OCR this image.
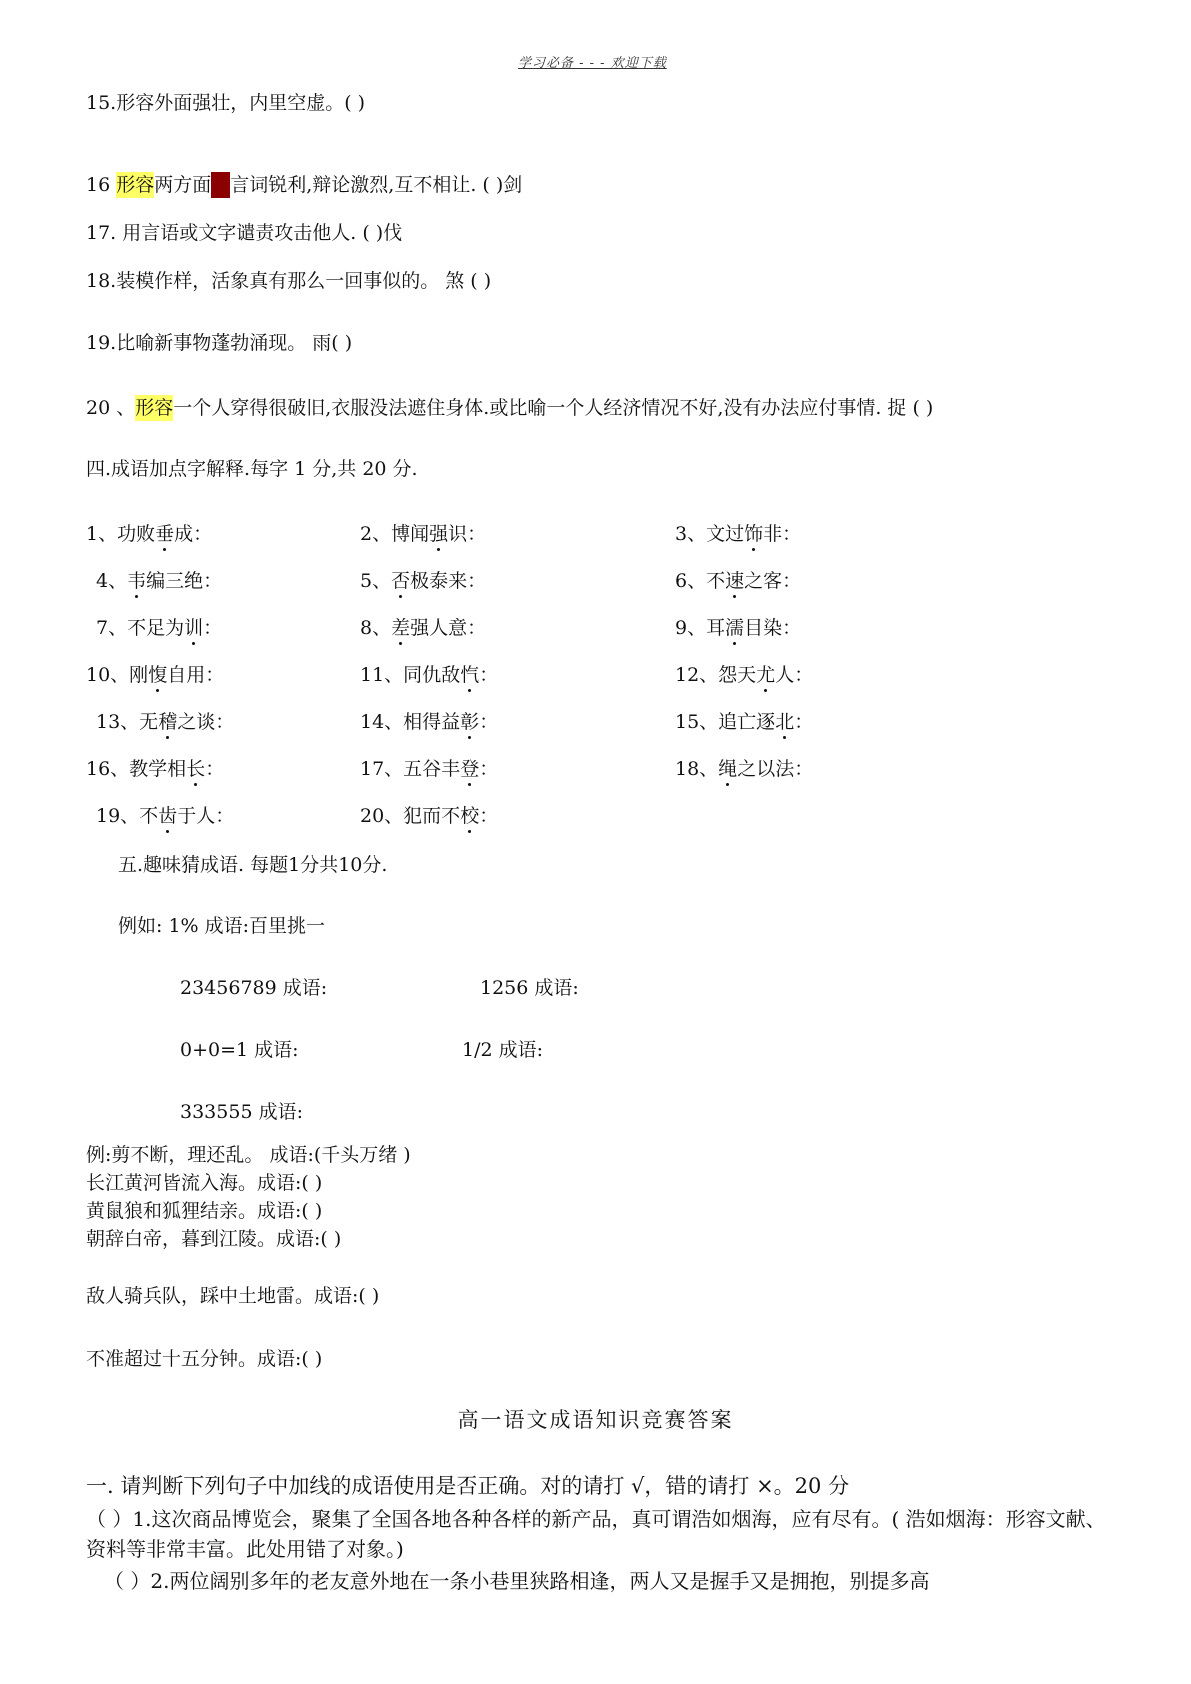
学习必备 - - - 欢迎下载
15.形容外面强壮，内里空虚。( )
16 形容两方面的言词锐利,辩论激烈,互不相让. ( )剑
17. 用言语或文字谴责攻击他人. ( )伐
18.装模作样，活象真有那么一回事似的。 煞 ( )
19.比喻新事物蓬勃涌现。 雨( )
20 、形容一个人穿得很破旧,衣服没法遮住身体.或比喻一个人经济情况不好,没有办法应付事情. 捉 ( )
四.成语加点字解释.每字 1 分,共 20 分.
1、功败垂成：	2、博闻强识：	3、文过饰非：
4、韦编三绝：	5、否极泰来：	6、不速之客：
7、不足为训：	8、差强人意：	9、耳濡目染：
10、刚愎自用：	11、同仇敌忾：	12、怨天尤人：
13、无稽之谈：	14、相得益彰：	15、追亡逐北：
16、教学相长：	17、五谷丰登：	18、绳之以法：
19、不齿于人：	20、犯而不校：
五.趣味猜成语. 每题1分共10分.
例如: 1% 成语:百里挑一
23456789 成语:	1256 成语:
0+0=1 成语:	1/2 成语:
333555 成语:
例:剪不断，理还乱。 成语:(千头万绪 )
长江黄河皆流入海。成语:( )
黄鼠狼和狐狸结亲。成语:( )
朝辞白帝，暮到江陵。成语:( )
敌人骑兵队，踩中土地雷。成语:( )
不准超过十五分钟。成语:( )
高一语文成语知识竞赛答案
一. 请判断下列句子中加线的成语使用是否正确。对的请打 √，错的请打 ×。20 分
（ ）1.这次商品博览会，聚集了全国各地各种各样的新产品，真可谓浩如烟海，应有尽有。( 浩如烟海：形容文献、资料等非常丰富。此处用错了对象。)
（ ）2.两位阔别多年的老友意外地在一条小巷里狭路相逢，两人又是握手又是拥抱，别提多高
